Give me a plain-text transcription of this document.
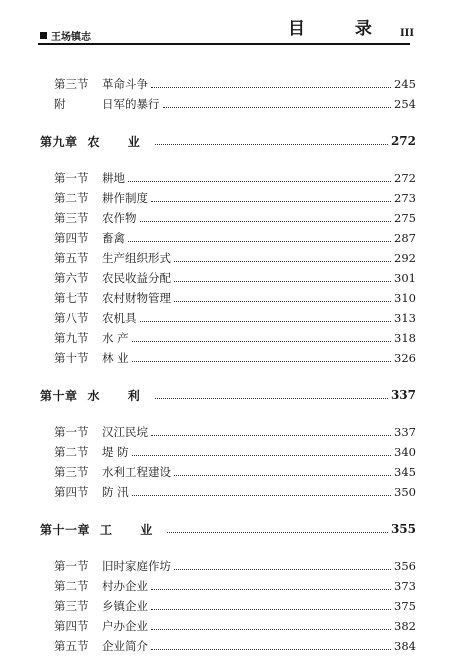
王场镇志	目 录 III
第三节	革命斗争	245
附	日军的暴行	254
第九章 农 业	272
第一节	耕地	272
第二节	耕作制度	273
第三节	农作物	275
第四节	畜禽	287
第五节	生产组织形式	292
第六节	农民收益分配	301
第七节	农村财物管理	310
第八节	农机具	313
第九节	水 产	318
第十节	林 业	326
第十章 水 利	337
第一节	汉江民垸	337
第二节	堤 防	340
第三节	水利工程建设	345
第四节	防 汛	350
第十一章 工 业	355
第一节	旧时家庭作坊	356
第二节	村办企业	373
第三节	乡镇企业	375
第四节	户办企业	382
第五节	企业简介	384
